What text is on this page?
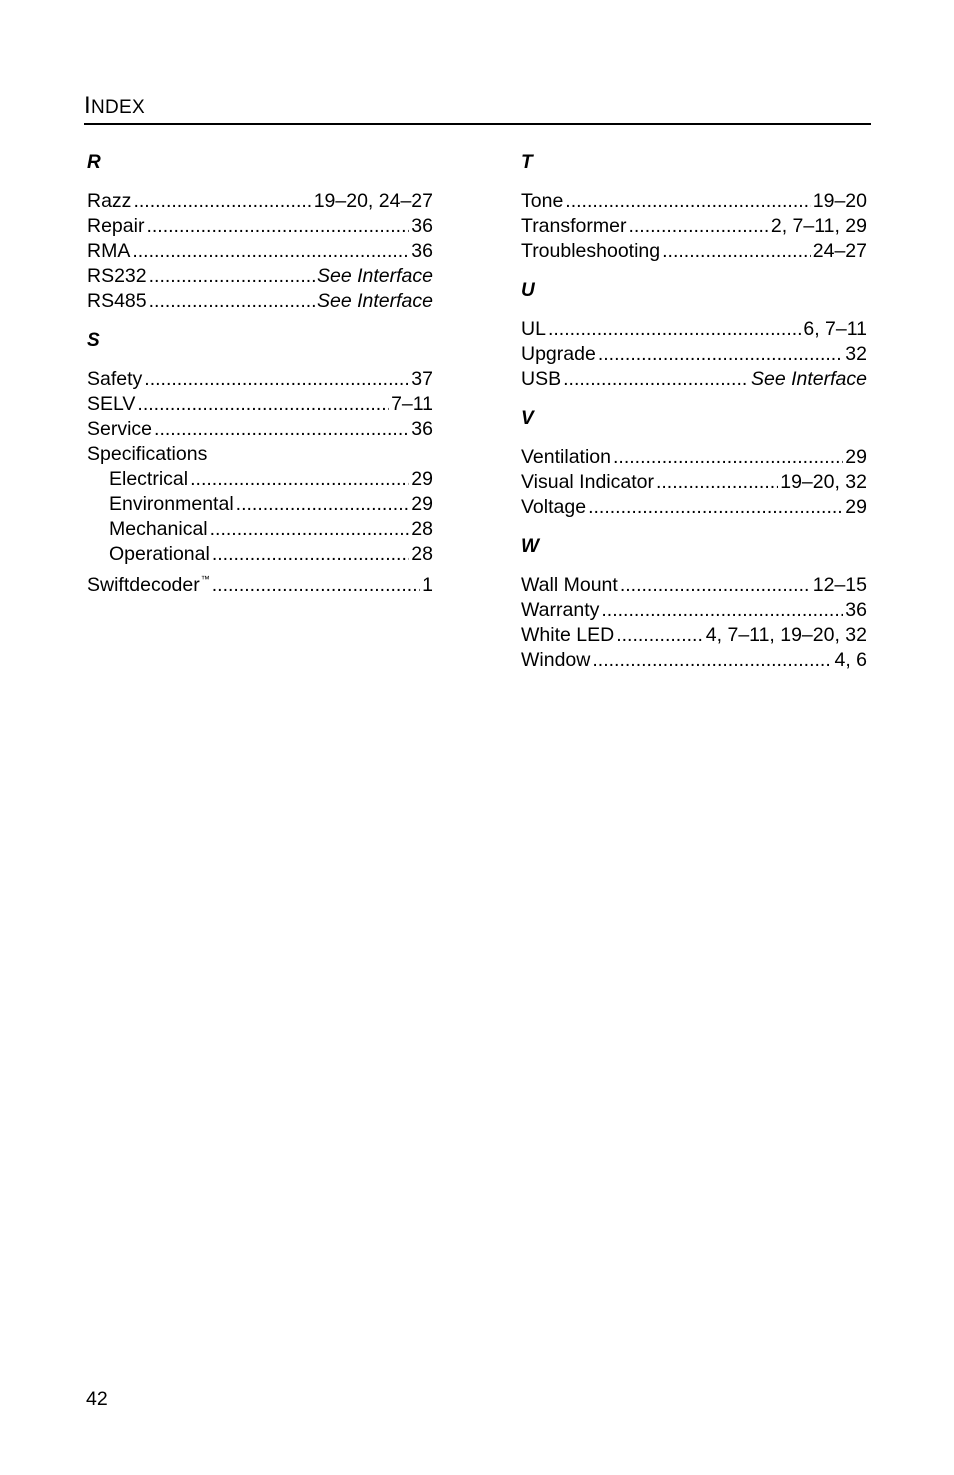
INDEX
R
Razz .....	19–20, 24–27
Repair .....	36
RMA .....	36
RS232 .....	See Interface
RS485 .....	See Interface
S
Safety .....	37
SELV .....	7–11
Service .....	36
Specifications
Electrical .....	29
Environmental .....	29
Mechanical .....	28
Operational .....	28
Swiftdecoder™ .....	1
T
Tone .....	19–20
Transformer .....	2, 7–11, 29
Troubleshooting .....	24–27
U
UL .....	6, 7–11
Upgrade .....	32
USB .....	See Interface
V
Ventilation .....	29
Visual Indicator .....	19–20, 32
Voltage .....	29
W
Wall Mount .....	12–15
Warranty .....	36
White LED .....	4, 7–11, 19–20, 32
Window .....	4, 6
42
